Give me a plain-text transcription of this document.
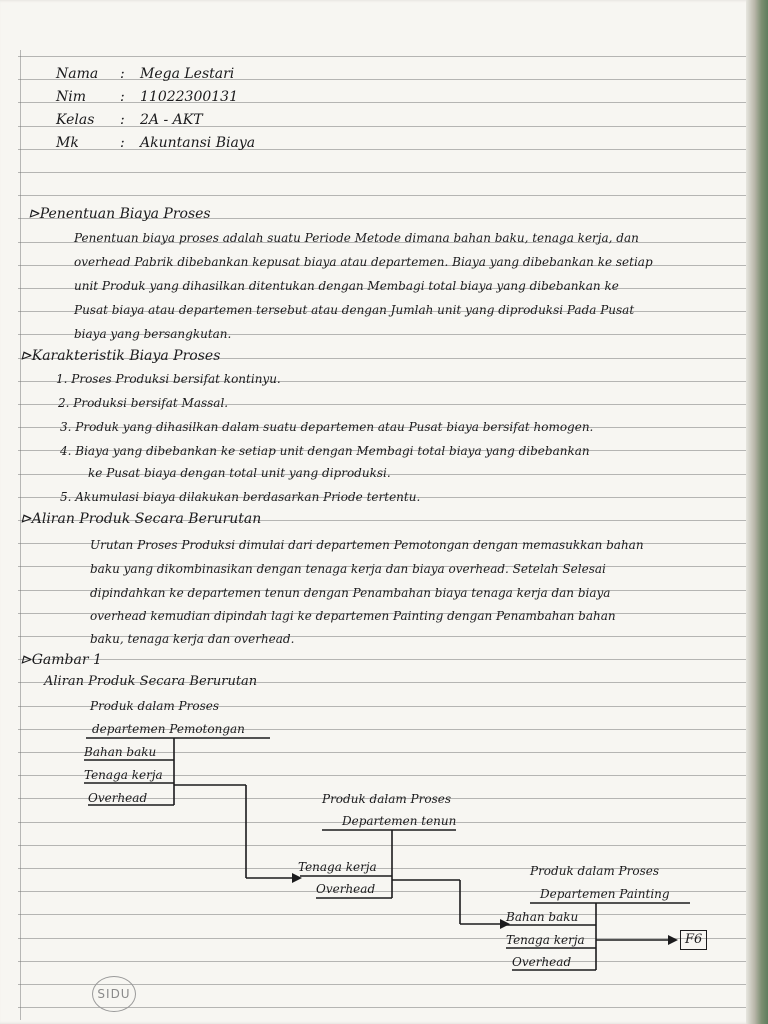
Nama : Mega Lestari
Nim : 11022300131
Kelas : 2A - AKT
Mk	: Akuntansi Biaya
⊳Penentuan Biaya Proses
Penentuan biaya proses adalah suatu Periode Metode dimana bahan baku, tenaga kerja, dan
overhead Pabrik dibebankan kepusat biaya atau departemen. Biaya yang dibebankan ke setiap
unit Produk yang dihasilkan ditentukan dengan Membagi total biaya yang dibebankan ke
Pusat biaya atau departemen tersebut atau dengan Jumlah unit yang diproduksi Pada Pusat
biaya yang bersangkutan.
⊳Karakteristik Biaya Proses
1. Proses Produksi bersifat kontinyu.
2. Produksi bersifat Massal.
3. Produk yang dihasilkan dalam suatu departemen atau Pusat biaya bersifat homogen.
4. Biaya yang dibebankan ke setiap unit dengan Membagi total biaya yang dibebankan
ke Pusat biaya dengan total unit yang diproduksi.
5. Akumulasi biaya dilakukan berdasarkan Priode tertentu.
⊳Aliran Produk Secara Berurutan
Urutan Proses Produksi dimulai dari departemen Pemotongan dengan memasukkan bahan
baku yang dikombinasikan dengan tenaga kerja dan biaya overhead. Setelah Selesai
dipindahkan ke departemen tenun dengan Penambahan biaya tenaga kerja dan biaya
overhead kemudian dipindah lagi ke departemen Painting dengan Penambahan bahan
baku, tenaga kerja dan overhead.
⊳Gambar 1
Aliran Produk Secara Berurutan
Produk dalam Proses
departemen Pemotongan
Bahan baku
Tenaga kerja
Overhead	Produk dalam Proses
Departemen tenun
Tenaga kerja
Overhead
Produk dalam Proses
Departemen Painting
Bahan baku
Tenaga kerja
Overhead
F6
SIDU
